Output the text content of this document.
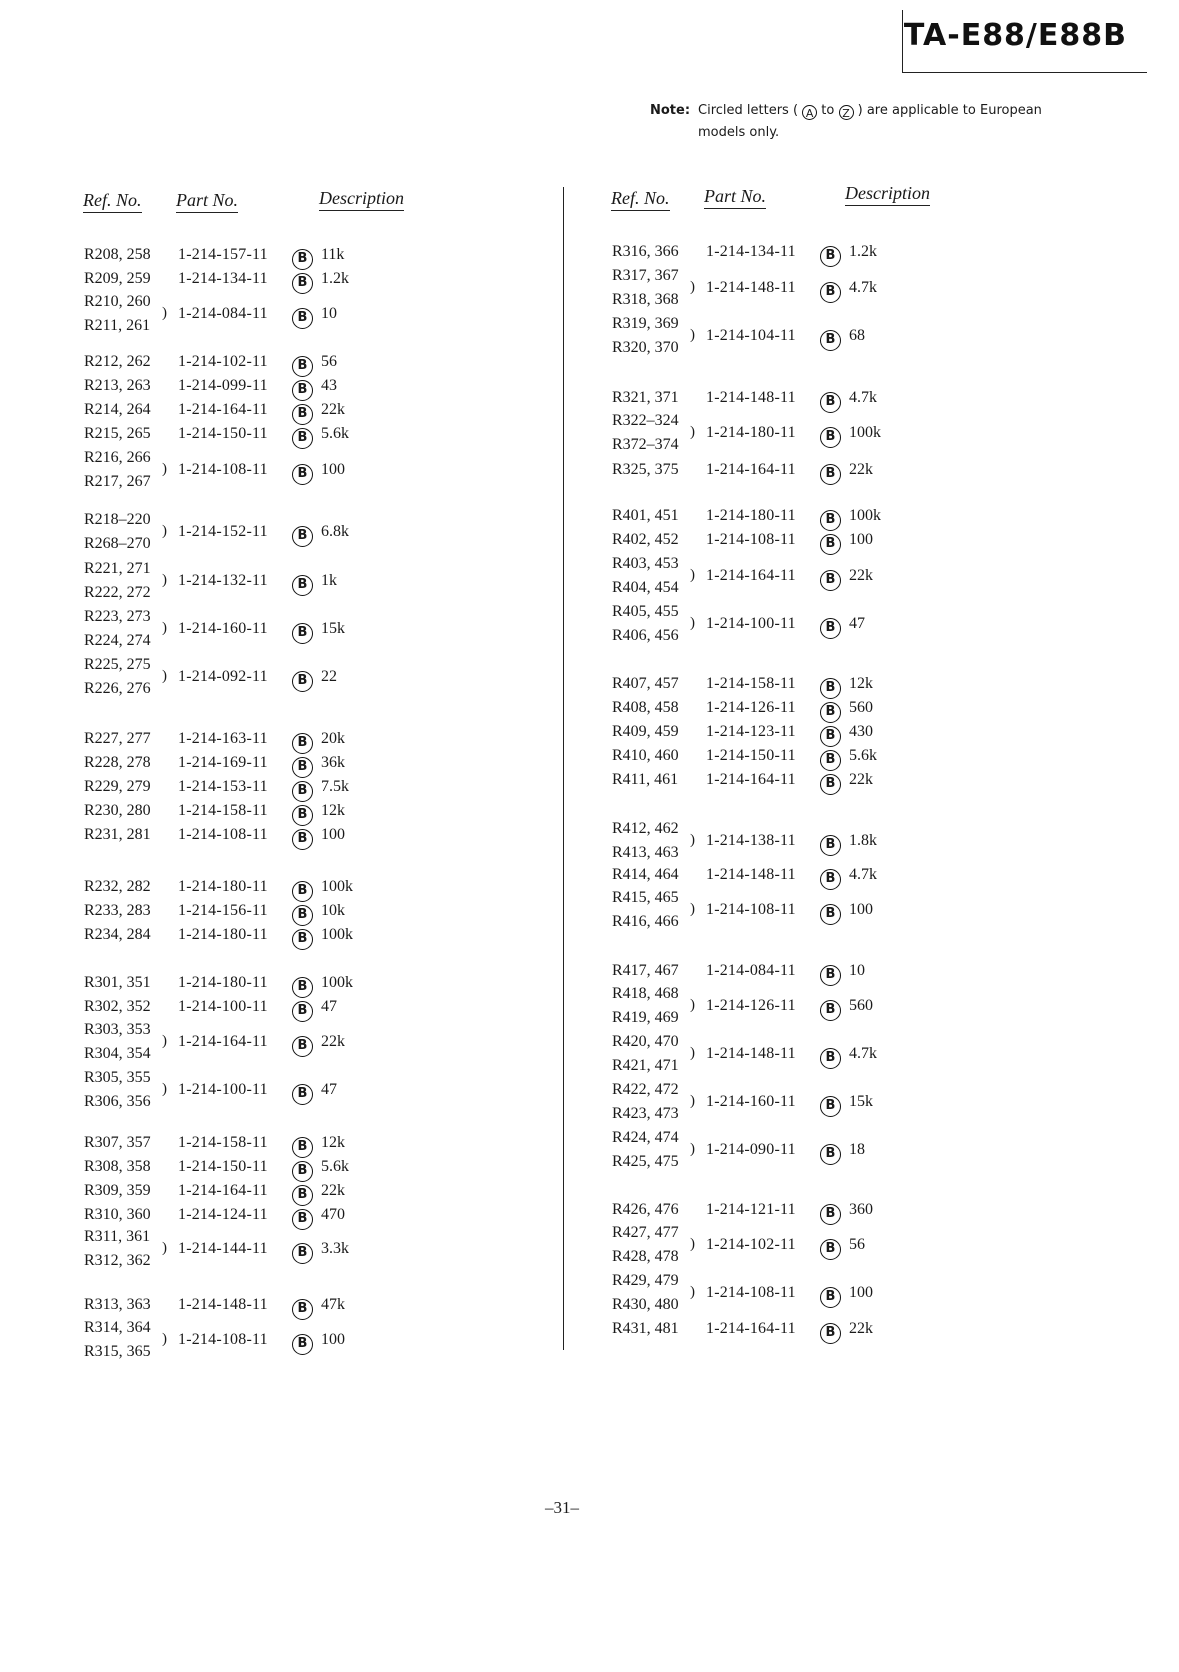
TA-E88/E88B
Note: Circled letters ( A to Z ) are applicable to European models only.
Ref. No. Part No.	Description	Ref. No. Part No.	Description
R208, 258 1-214-157-11	B 11k
R209, 259 1-214-134-11	B 1.2k
R210, 260
R211, 261
) 1-214-084-11	B 10
R212, 262 1-214-102-11	B 56
R213, 263 1-214-099-11	B 43
R214, 264 1-214-164-11	B 22k
R215, 265 1-214-150-11	B 5.6k
R216, 266
R217, 267
) 1-214-108-11	B 100
R218–220
R268–270
) 1-214-152-11	B 6.8k
R221, 271
R222, 272
) 1-214-132-11	B 1k
R223, 273
R224, 274
) 1-214-160-11	B 15k
R225, 275
R226, 276
) 1-214-092-11	B 22
R227, 277 1-214-163-11	B 20k
R228, 278 1-214-169-11	B 36k
R229, 279 1-214-153-11	B 7.5k
R230, 280 1-214-158-11	B 12k
R231, 281 1-214-108-11	B 100
R232, 282 1-214-180-11	B 100k
R233, 283 1-214-156-11	B 10k
R234, 284 1-214-180-11	B 100k
R301, 351 1-214-180-11	B 100k
R302, 352 1-214-100-11	B 47
R303, 353
R304, 354
) 1-214-164-11	B 22k
R305, 355
R306, 356
) 1-214-100-11	B 47
R307, 357 1-214-158-11	B 12k
R308, 358 1-214-150-11	B 5.6k
R309, 359 1-214-164-11	B 22k
R310, 360 1-214-124-11	B 470
R311, 361
R312, 362
) 1-214-144-11	B 3.3k
R313, 363 1-214-148-11	B 47k
R314, 364
R315, 365
) 1-214-108-11	B 100
R316, 366 1-214-134-11	B 1.2k
R317, 367
R318, 368
) 1-214-148-11	B 4.7k
R319, 369
R320, 370
) 1-214-104-11	B 68
R321, 371 1-214-148-11	B 4.7k
R322–324
R372–374
) 1-214-180-11	B 100k
R325, 375 1-214-164-11	B 22k
R401, 451 1-214-180-11	B 100k
R402, 452 1-214-108-11	B 100
R403, 453
R404, 454
) 1-214-164-11	B 22k
R405, 455
R406, 456
) 1-214-100-11	B 47
R407, 457 1-214-158-11	B 12k
R408, 458 1-214-126-11	B 560
R409, 459 1-214-123-11	B 430
R410, 460 1-214-150-11	B 5.6k
R411, 461 1-214-164-11	B 22k
R412, 462
R413, 463
) 1-214-138-11	B 1.8k
R414, 464 1-214-148-11	B 4.7k
R415, 465
R416, 466
) 1-214-108-11	B 100
R417, 467 1-214-084-11	B 10
R418, 468
R419, 469
) 1-214-126-11	B 560
R420, 470
R421, 471
) 1-214-148-11	B 4.7k
R422, 472
R423, 473
) 1-214-160-11	B 15k
R424, 474
R425, 475
) 1-214-090-11	B 18
R426, 476 1-214-121-11	B 360
R427, 477
R428, 478
) 1-214-102-11	B 56
R429, 479
R430, 480
) 1-214-108-11	B 100
R431, 481 1-214-164-11	B 22k
–31–
